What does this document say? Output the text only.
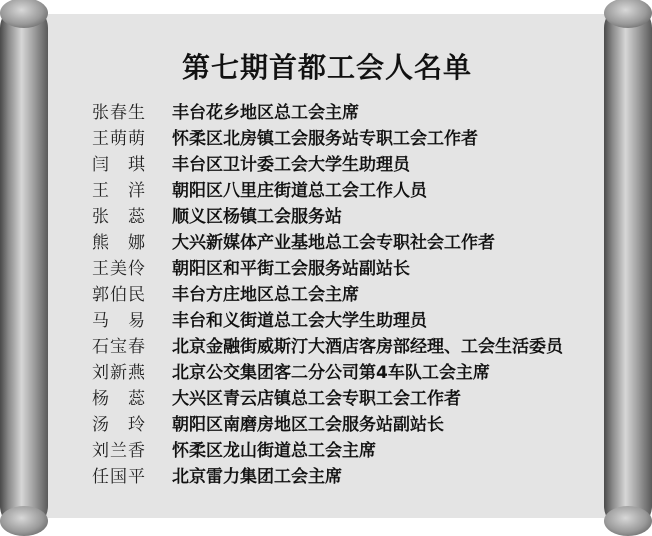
第七期首都工会人名单
张春生	丰台花乡地区总工会主席
王萌萌	怀柔区北房镇工会服务站专职工会工作者
闫　琪	丰台区卫计委工会大学生助理员
王　洋	朝阳区八里庄街道总工会工作人员
张　蕊	顺义区杨镇工会服务站
熊　娜	大兴新媒体产业基地总工会专职社会工作者
王美伶	朝阳区和平街工会服务站副站长
郭伯民	丰台方庄地区总工会主席
马　易	丰台和义街道总工会大学生助理员
石宝春	北京金融街威斯汀大酒店客房部经理、工会生活委员
刘新燕	北京公交集团客二分公司第4车队工会主席
杨　蕊	大兴区青云店镇总工会专职工会工作者
汤　玲	朝阳区南磨房地区工会服务站副站长
刘兰香	怀柔区龙山街道总工会主席
任国平	北京雷力集团工会主席
